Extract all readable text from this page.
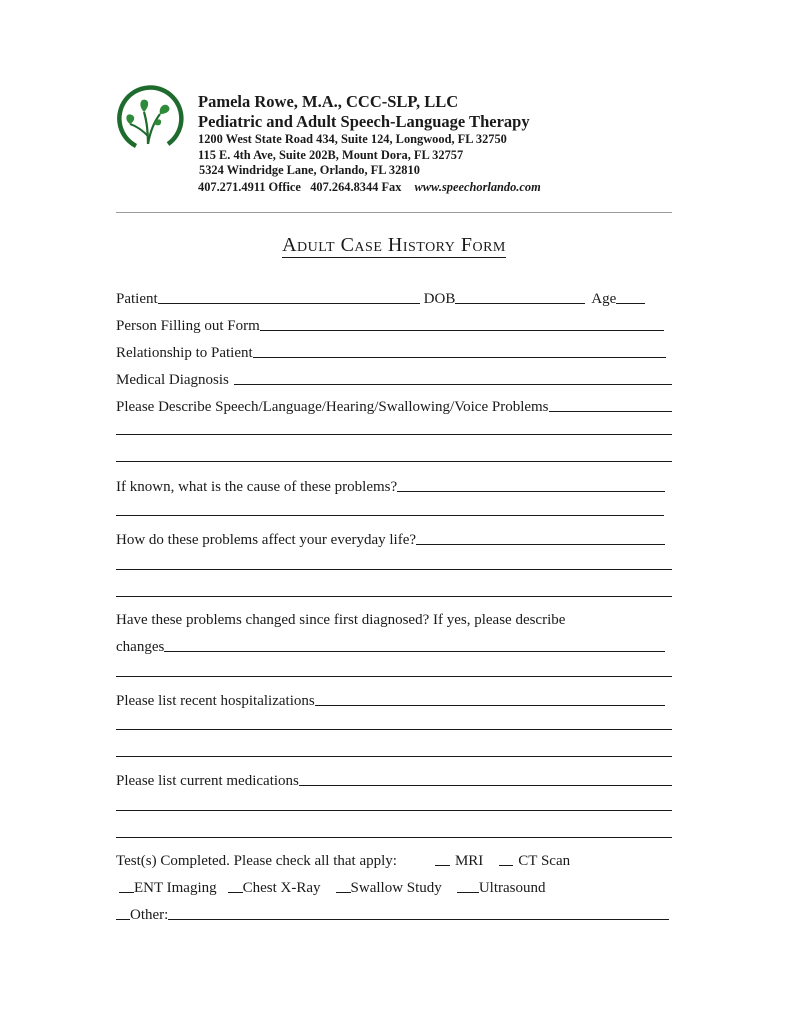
Pamela Rowe, M.A., CCC-SLP, LLC
Pediatric and Adult Speech-Language Therapy
1200 West State Road 434, Suite 124, Longwood, FL 32750
115 E. 4th Ave, Suite 202B, Mount Dora, FL 32757
5324 Windridge Lane, Orlando, FL 32810
407.271.4911 Office 407.264.8344 Fax www.speechorlando.com
Adult Case History Form
Patient	DOB	Age
Person Filling out Form
Relationship to Patient
Medical Diagnosis
Please Describe Speech/Language/Hearing/Swallowing/Voice Problems
If known, what is the cause of these problems?
How do these problems affect your everyday life?
Have these problems changed since first diagnosed? If yes, please describe
changes
Please list recent hospitalizations
Please list current medications
Test(s) Completed. Please check all that apply:	MRI CT Scan
ENT Imaging Chest X-Ray Swallow Study Ultrasound
Other:
